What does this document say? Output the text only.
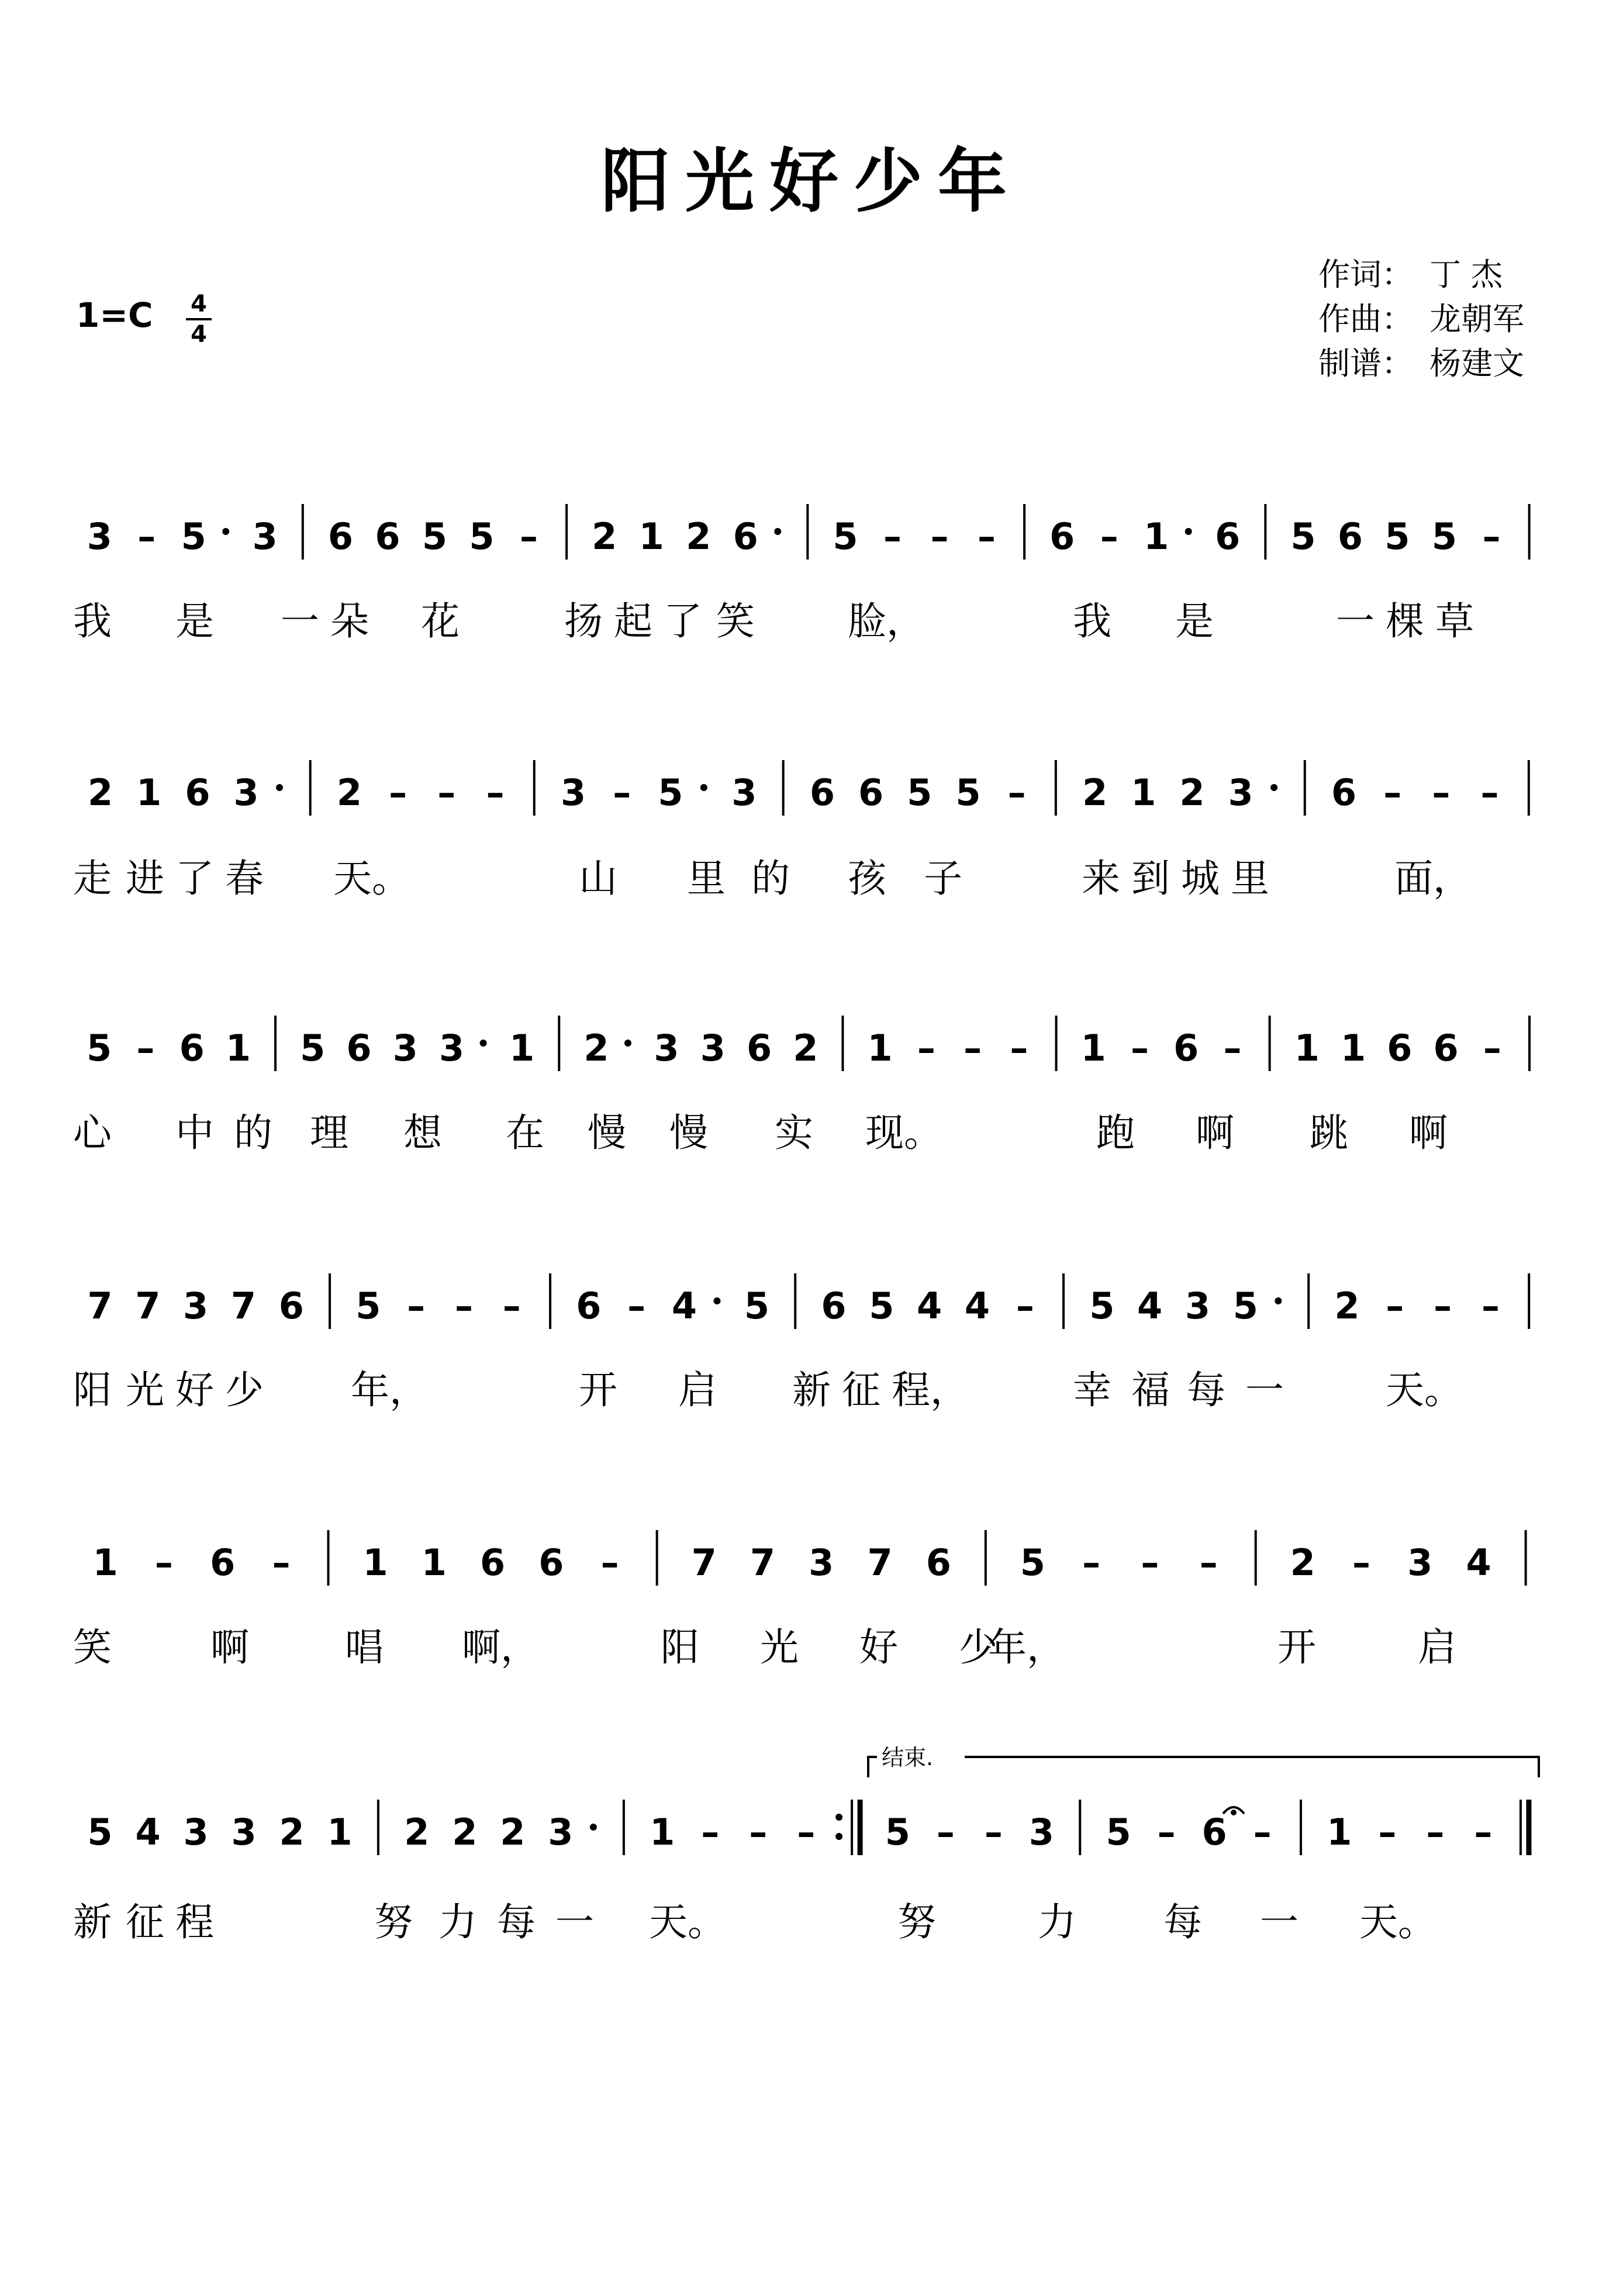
阳光好少年
1=C 4
4
作词： 丁 杰
作曲： 龙朝军
制谱： 杨建文
3 – 5 3 6 6 5 5 – 2 1 2 6 5 – – – 6 – 1 6 5 6 5 5 –
我 是 一 朵 花	扬 起 了 笑 脸，	我 是	一 棵 草
2 1 6 3 2 – – – 3 – 5 3 6 6 5 5 – 2 1 2 3 6 – – –
走 进 了 春 天。	山 里 的 孩 子	来 到 城 里	面，
5 – 6 1 5 6 3 3 1 2 3 3 6 2 1 – – – 1 – 6 – 1 1 6 6 –
心 中 的 理 想 在 慢 慢 实 现。	跑 啊 跳 啊
7 7 3 7 6 5 – – – 6 – 4 5 6 5 4 4 – 5 4 3 5 2 – – –
阳 光 好 少 年，	开 启 新 征 程，	幸 福 每 一	天。
1 – 6 – 1 1 6 6 – 7 7 3 7 6 5 – – – 2 – 3 4
笑	啊 唱 啊，	阳 光 好 少
年，	开	启
5 4 3 3 2 1 2 2 2 3 1 – – – 5 – – 3 5 – 6 – 1 – – –
新 征 程	努 力 每 一 天。	努	力 每 一 天。
结束.
